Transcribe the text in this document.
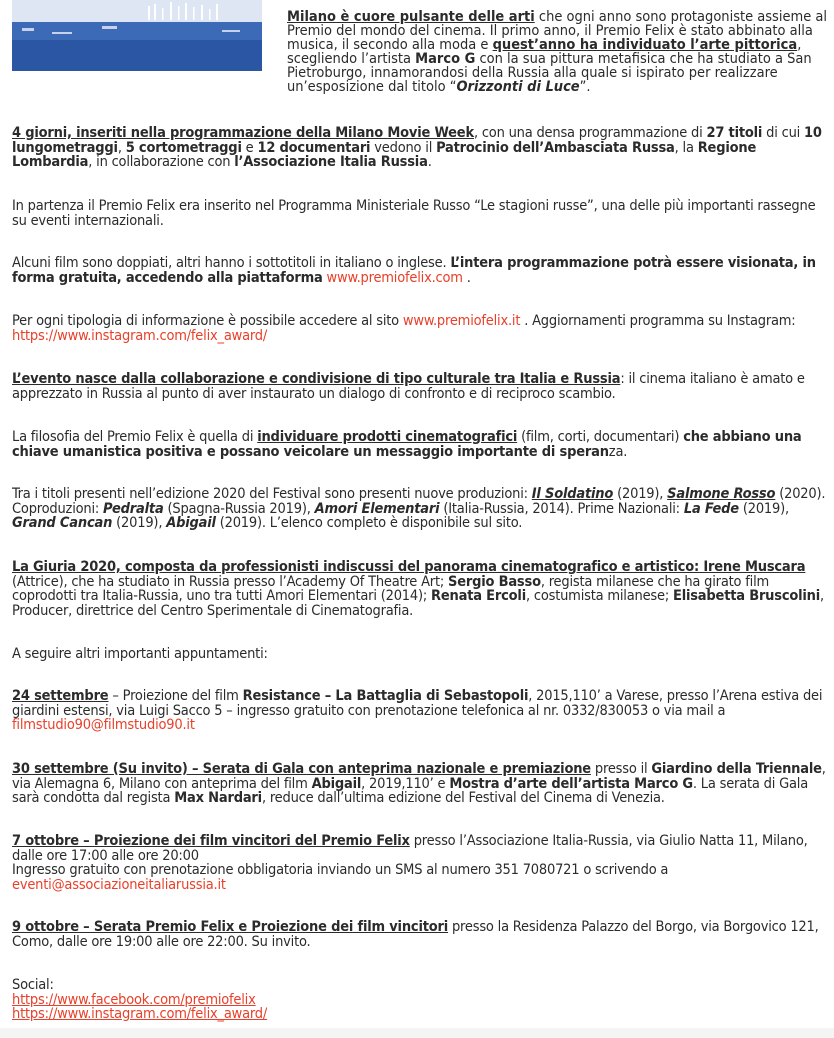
Milano è cuore pulsante delle arti che ogni anno sono protagoniste assieme al Premio del mondo del cinema. Il primo anno, il Premio Felix è stato abbinato alla musica, il secondo alla moda e quest’anno ha individuato l’arte pittorica, scegliendo l’artista Marco G con la sua pittura metafisica che ha studiato a San Pietroburgo, innamorandosi della Russia alla quale si ispirato per realizzare un’esposizione dal titolo “Orizzonti di Luce”.

4 giorni, inseriti nella programmazione della Milano Movie Week, con una densa programmazione di 27 titoli di cui 10 lungometraggi, 5 cortometraggi e 12 documentari vedono il Patrocinio dell’Ambasciata Russa, la Regione Lombardia, in collaborazione con l’Associazione Italia Russia.

In partenza il Premio Felix era inserito nel Programma Ministeriale Russo “Le stagioni russe”, una delle più importanti rassegne su eventi internazionali.

Alcuni film sono doppiati, altri hanno i sottotitoli in italiano o inglese. L’intera programmazione potrà essere visionata, in forma gratuita, accedendo alla piattaforma www.premiofelix.com .

Per ogni tipologia di informazione è possibile accedere al sito www.premiofelix.it . Aggiornamenti programma su Instagram: https://www.instagram.com/felix_award/

L’evento nasce dalla collaborazione e condivisione di tipo culturale tra Italia e Russia: il cinema italiano è amato e apprezzato in Russia al punto di aver instaurato un dialogo di confronto e di reciproco scambio.

La filosofia del Premio Felix è quella di individuare prodotti cinematografici (film, corti, documentari) che abbiano una chiave umanistica positiva e possano veicolare un messaggio importante di speranza.

Tra i titoli presenti nell’edizione 2020 del Festival sono presenti nuove produzioni: Il Soldatino (2019), Salmone Rosso (2020). Coproduzioni: Pedralta (Spagna-Russia 2019), Amori Elementari (Italia-Russia, 2014). Prime Nazionali: La Fede (2019), Grand Cancan (2019), Abigail (2019). L’elenco completo è disponibile sul sito.

La Giuria 2020, composta da professionisti indiscussi del panorama cinematografico e artistico: Irene Muscara (Attrice), che ha studiato in Russia presso l’Academy Of Theatre Art; Sergio Basso, regista milanese che ha girato film coprodotti tra Italia-Russia, uno tra tutti Amori Elementari (2014); Renata Ercoli, costumista milanese; Elisabetta Bruscolini, Producer, direttrice del Centro Sperimentale di Cinematografia.

A seguire altri importanti appuntamenti:

24 settembre – Proiezione del film Resistance – La Battaglia di Sebastopoli, 2015,110’ a Varese, presso l’Arena estiva dei giardini estensi, via Luigi Sacco 5 – ingresso gratuito con prenotazione telefonica al nr. 0332/830053 o via mail a filmstudio90@filmstudio90.it

30 settembre (Su invito) – Serata di Gala con anteprima nazionale e premiazione presso il Giardino della Triennale, via Alemagna 6, Milano con anteprima del film Abigail, 2019,110’ e Mostra d’arte dell’artista Marco G. La serata di Gala sarà condotta dal regista Max Nardari, reduce dall’ultima edizione del Festival del Cinema di Venezia.

7 ottobre – Proiezione dei film vincitori del Premio Felix presso l’Associazione Italia-Russia, via Giulio Natta 11, Milano, dalle ore 17:00 alle ore 20:00
Ingresso gratuito con prenotazione obbligatoria inviando un SMS al numero 351 7080721 o scrivendo a eventi@associazioneitaliarussia.it

9 ottobre – Serata Premio Felix e Proiezione dei film vincitori presso la Residenza Palazzo del Borgo, via Borgovico 121, Como, dalle ore 19:00 alle ore 22:00. Su invito.

Social:
https://www.facebook.com/premiofelix
https://www.instagram.com/felix_award/
